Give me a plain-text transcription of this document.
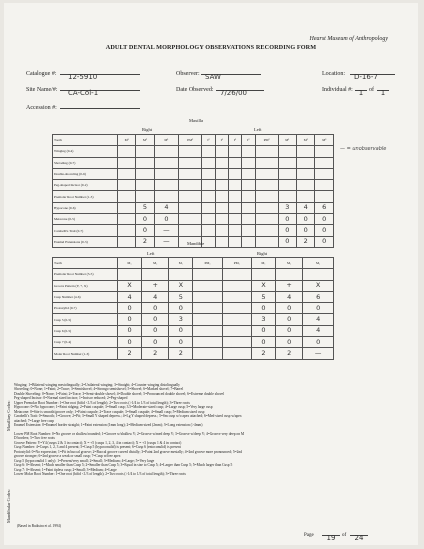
Hearst Museum of Anthropology
ADULT DENTAL MORPHOLOGY OBSERVATIONS RECORDING FORM
Catalogue #:	12-5910	Observer: SAW	Location:	D-16-7
Site Name/#:	CA-Col-1	Date Observed: 7/26/00	Individual #: 1 of 1
Accession #:
Maxilla
Right	Left
Tooth	M³	M²	M¹	PM²	I²	I¹	I¹	I²	PM²	M¹	M²	M³
Winging (0-4)												
Shoveling (0-7)												
Double-shoveling (0-6)												
Peg-shaped Incisor (0-2)												
Premolar Root Number (1-3)												
Hypocone (0-6)		5	4							3	4	6
Metacone (0-5)		0	0							0	0	0
Carabelli's Trait (0-7)		0	—							0	0	0
Enamel Extensions (0-3)		2	—							0	2	0
— = unobservable
Mandible
Left	Right
Tooth	M₃	M₂	M₁	PM₂	PM₂	M₁	M₂	M₃
Premolar Root Number (3-5)								
Groove Pattern (Y, +, X)	X	+	X			X	+	X
Cusp Number (4-6)	4	4	5			5	4	6
Protostylid (0-7)	0	0	0			0	0	0
Cusp 5 (0-5)	0	0	3			3	0	4
Cusp 6 (0-5)	0	0	0			0	0	4
Cusp 7 (0-4)	0	0	0			0	0	0
Molar Root Number (1-3)	2	2	2			2	2	—
Maxillary Codes:
Winging: 1=Bilateral winging mesiolingually; 2=Unilateral winging; 3=Straight; 4=Counter winging distolingually
Shoveling: 0=None; 1=Faint; 2=Trace; 3=Semishovel; 4=Strongo semishovel; 5=Shovel; 6=Marked shovel; 7=Barrel
Double Shoveling: 0=None; 1=Faint; 2=Trace; 3=Semi-double shovel; 4=Double shovel; 5=Pronounced double shovel; 6=Extreme double shovel
Peg-shaped Incisor: 0=Normal sized incisor; 1=Incisor reduced; 2=Peg-shaped
Upper Premolar Root Number: 1=One root (bifid <1/3 of length); 2=Two roots (>1/4 to 1/3 of total length); 3=Three roots
Hypocone: 0=No hypocone; 1=Faint ridging; 2=Faint cuspule; 3=Small cusp; 3.5=Moderate-sized cusp; 4=Large cusp; 5=Very large cusp
Metacone: 0=Site is smooth/groove only; 1=Faint cuspule; 2=Trace cuspule; 3=Small cuspule; 4=Small cusp; 5=Medium sized cusp
Carabelli's Trait: 0=Smooth; 1=Groove; 2=Pit; 3=Small Y shaped depress.; 4=Lg Y shaped depress.; 5=Sm cusp w/o apex attached; 6=Med-sized cusp w/apex
attached; 7=Large free cusp
Enamel Extension: 0=Enamel border straight; 1=Faint extension (1mm long); 2=Medium-sized (2mm); 3=Long extension (>4mm)
Mandibular Codes:
Lower PM Root Number: 0=No groove or shallow/rounded; 1=Groove w/shallow V; 2=Groove w/med deep V; 3=Groove w/deep V; 4=Groove very deep on M
D borders; 5=Two free roots
Groove Pattern: Y=Y4 (cusps 2 & 3 in contact); X = +5 (cusps 1, 2, 3, 4 in contact); X = +3 (cusps 1 & 4 in contact)
Cusp Number: 4=Cusps 1, 2, 3 and 4 present; 5=Cusp 5 (hypoconulid) is present; 6=Cusp 6 (entoconulid) is present
Protostylid: 0=No expression; 1=Pit in buccal groove; 2=Buccal groove curved distally; 3=Faint 2nd groove mesially; 4=2nd groove more pronounced; 5=2nd
groove stronger; 6=2nd groove a weak or small cusp; 7=Cusp w/free apex
Cusp 5 (hypoconulid 1 only): 1=Present/very small; 2=Small; 3=Medium; 4=Large; 5=Very large
Cusp 6: 0=Absent; 1=Much smaller than Cusp 5; 2=Smaller than Cusp 5; 3=Equal in size to Cusp 5; 4=Larger than Cusp 5; 5=Much larger than Cusp 5
Cusp 7: 0=Absent; 1=Faint tipless cusp; 2=Small; 3=Medium; 4=Large
Lower Molar Root Number: 1=One root (bifid <1/3 of length); 2=Two roots (>1/4 to 1/3 of total length); 3=Three roots
(Based in Buikstra et al. 1994)
Page	19	of	24
